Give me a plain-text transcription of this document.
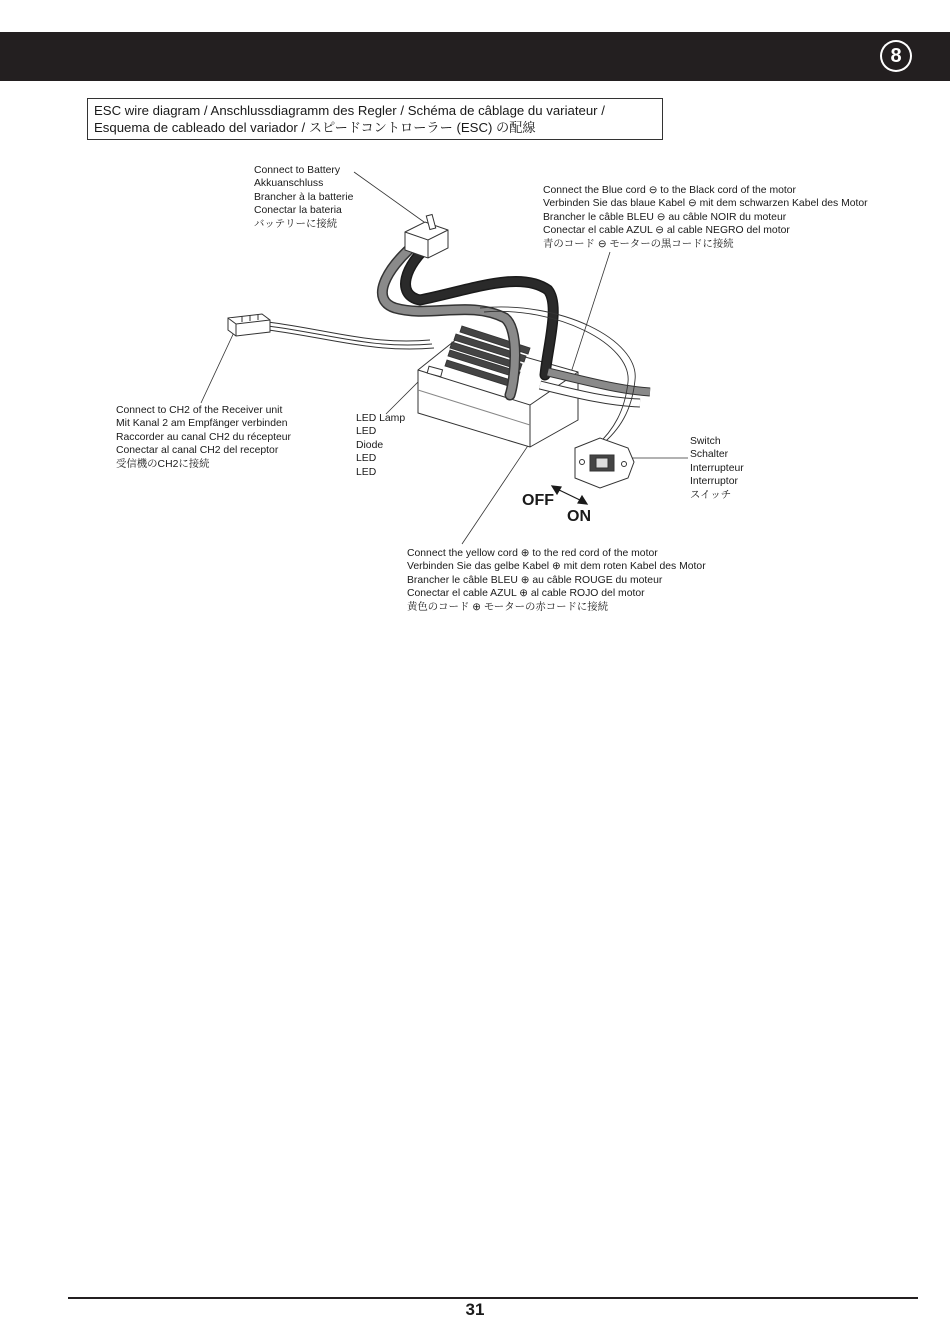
8
ESC wire diagram / Anschlussdiagramm des Regler / Schéma de câblage du variateur /
Esquema de cableado del variador / スピードコントローラー (ESC) の配線
OFF
ON
Connect to Battery
Akkuanschluss
Brancher à la batterie
Conectar la bateria
バッテリーに接続
Connect the Blue cord ⊖ to the Black cord of the motor
Verbinden Sie das blaue Kabel ⊖ mit dem schwarzen Kabel des Motor
Brancher le câble BLEU ⊖ au câble NOIR du moteur
Conectar el cable AZUL ⊖ al cable NEGRO del motor
青のコード ⊖ モーターの黒コードに接続
Connect to CH2 of the Receiver unit
Mit Kanal 2 am Empfänger verbinden
Raccorder au canal CH2 du récepteur
Conectar al canal CH2 del receptor
受信機のCH2に接続
LED Lamp
LED
Diode
LED
LED
Switch
Schalter
Interrupteur
Interruptor
スイッチ
Connect the yellow cord ⊕ to the red cord of the motor
Verbinden Sie das gelbe Kabel ⊕ mit dem roten Kabel des Motor
Brancher le câble BLEU ⊕ au câble ROUGE du moteur
Conectar el cable AZUL ⊕ al cable ROJO del motor
黄色のコード ⊕ モーターの赤コードに接続
31
